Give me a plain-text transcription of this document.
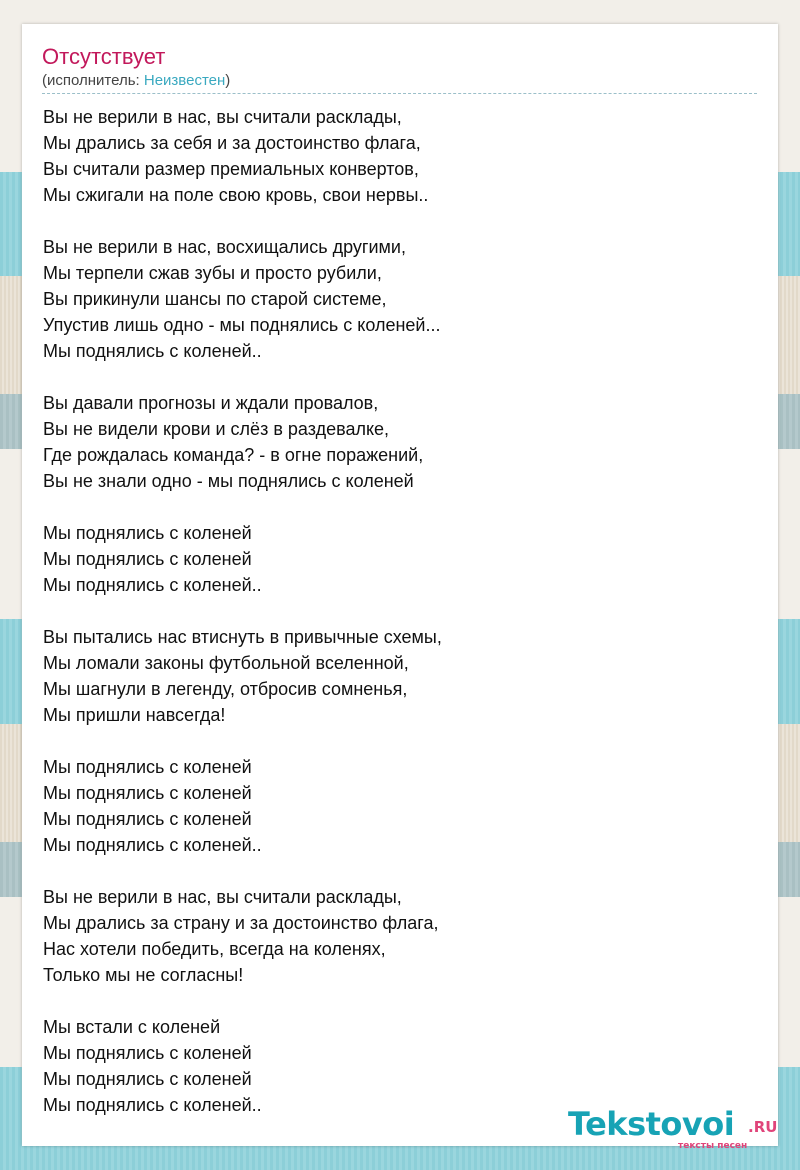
Отсутствует
(исполнитель: Неизвестен)
Вы не верили в нас, вы считали расклады,
Мы дрались за себя и за достоинство флага,
Вы считали размер премиальных конвертов,
Мы сжигали на поле свою кровь, свои нервы..
Вы не верили в нас, восхищались другими,
Мы терпели сжав зубы и просто рубили,
Вы прикинули шансы по старой системе,
Упустив лишь одно - мы поднялись с коленей...
Мы поднялись с коленей..
Вы давали прогнозы и ждали провалов,
Вы не видели крови и слёз в раздевалке,
Где рождалась команда? - в огне поражений,
Вы не знали одно - мы поднялись с коленей
Мы поднялись с коленей
Мы поднялись с коленей
Мы поднялись с коленей..
Вы пытались нас втиснуть в привычные схемы,
Мы ломали законы футбольной вселенной,
Мы шагнули в легенду, отбросив сомненья,
Мы пришли навсегда!
Мы поднялись с коленей
Мы поднялись с коленей
Мы поднялись с коленей
Мы поднялись с коленей..
Вы не верили в нас, вы считали расклады,
Мы дрались за страну и за достоинство флага,
Нас хотели победить, всегда на коленях,
Только мы не согласны!
Мы встали с коленей
Мы поднялись с коленей
Мы поднялись с коленей
Мы поднялись с коленей..	Tekstovoi .RU
тексты песен
